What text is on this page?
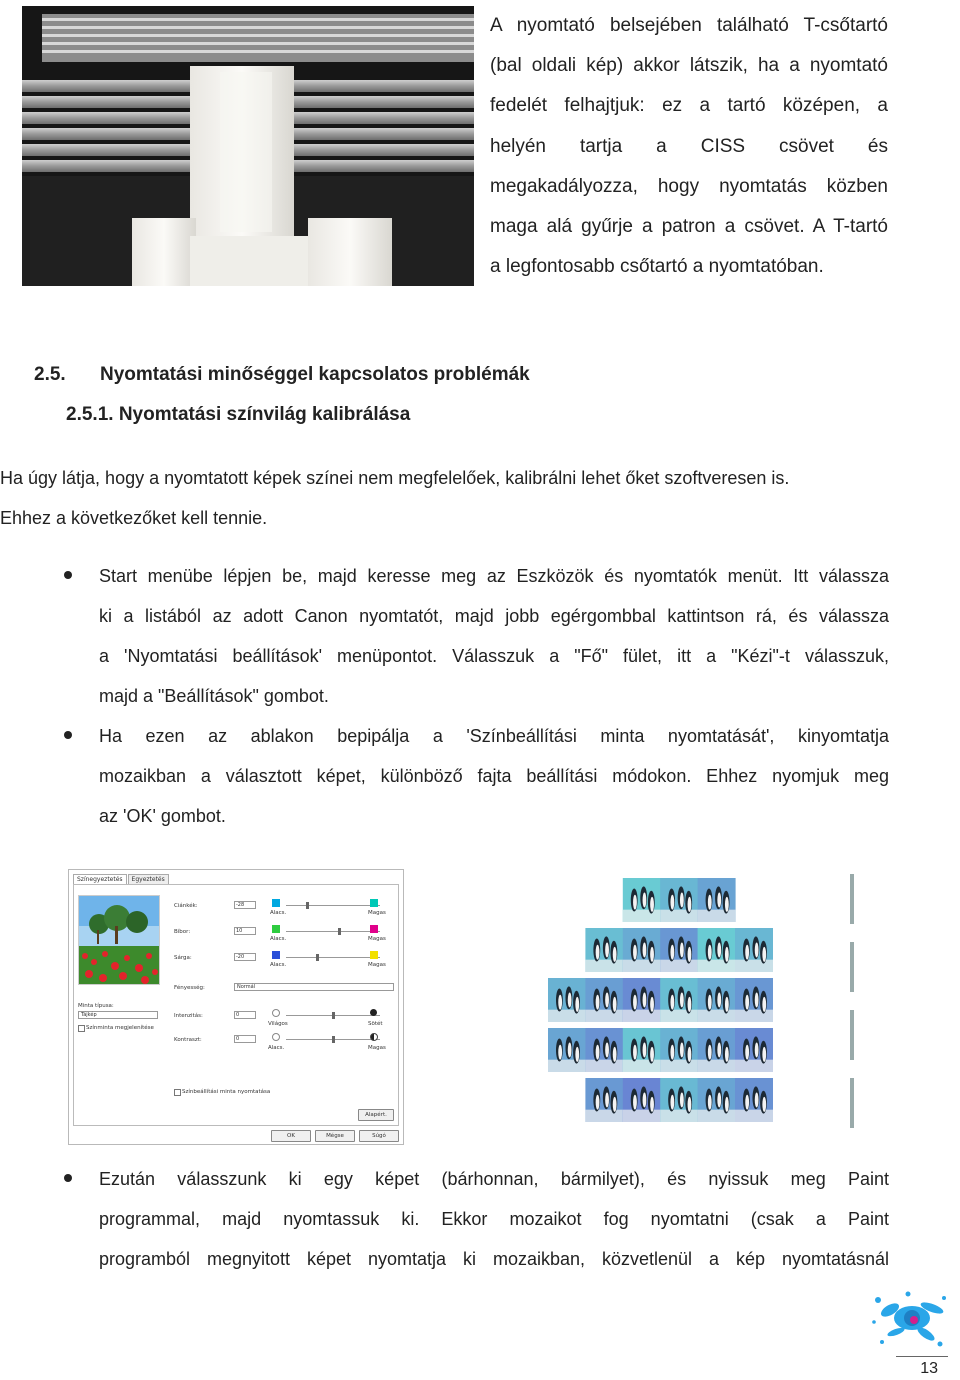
A nyomtató belsejében található T-csőtartó
(bal oldali kép) akkor látszik, ha a nyomtató
fedelét felhajtjuk: ez a tartó középen, a
helyén tartja a CISS csövet és
megakadályozza, hogy nyomtatás közben
maga alá gyűrje a patron a csövet. A T-tartó
a legfontosabb csőtartó a nyomtatóban.
2.5. Nyomtatási minőséggel kapcsolatos problémák
2.5.1. Nyomtatási színvilág kalibrálása
Ha úgy látja, hogy a nyomtatott képek színei nem megfelelőek, kalibrálni lehet őket szoftveresen is.
Ehhez a következőket kell tennie.
Start menübe lépjen be, majd keresse meg az Eszközök és nyomtatók menüt. Itt válassza
ki a listából az adott Canon nyomtatót, majd jobb egérgombbal kattintson rá, és válassza
a 'Nyomtatási beállítások' menüpontot. Válasszuk a "Fő" fület, itt a "Kézi"-t válasszuk,
majd a "Beállítások" gombot.
Ha ezen az ablakon bepipálja a 'Színbeállítási minta nyomtatását', kinyomtatja
mozaikban a választott képet, különböző fajta beállítási módokon. Ehhez nyomjuk meg
az 'OK' gombot.
Színegyeztetés Egyeztetés
Ciánkék:	-28
Alacs.	Magas
Bíbor:	10
Alacs.	Magas
Sárga:	-20
Alacs.	Magas
Fényesség:	Normál
Minta típusa:
Tájkép
Színminta megjelenítése
Intenzitás:	0
Világos	Sötét
Kontraszt:	0
Alacs.	Magas
Színbeállítási minta nyomtatása
Alapért.
OK	Mégse	Súgó
Ezután válasszunk ki egy képet (bárhonnan, bármilyet), és nyissuk meg Paint
programmal, majd nyomtassuk ki. Ekkor mozaikot fog nyomtatni (csak a Paint
programból megnyitott képet nyomtatja ki mozaikban, közvetlenül a kép nyomtatásnál
13
